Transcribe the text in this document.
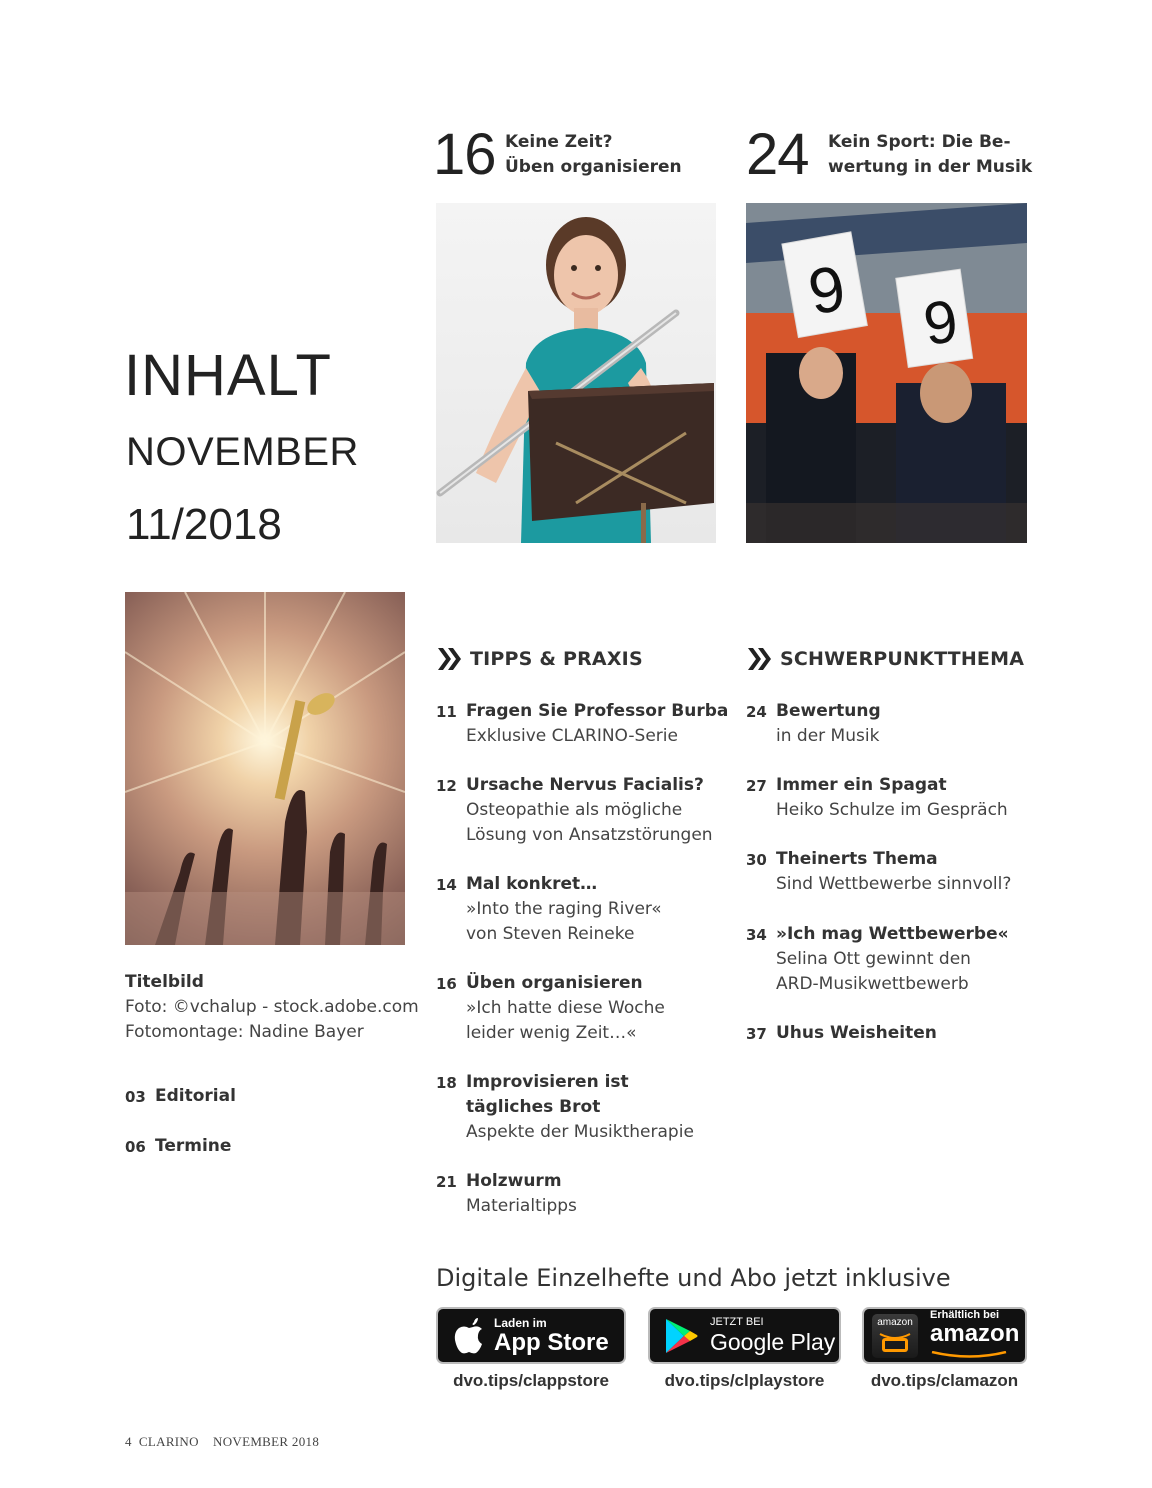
16 Keine Zeit?
Üben organisieren 24 Kein Sport: Die Be-
wertung in der Musik
9 9
INHALT
NOVEMBER
11/2018
Titelbild
Foto: ©vchalup - stock.adobe.com
Fotomontage: Nadine Bayer
03 Editorial
06 Termine
TIPPS & PRAXIS
11 Fragen Sie Professor Burba
Exklusive CLARINO-Serie
12 Ursache Nervus Facialis?
Osteopathie als mögliche
Lösung von Ansatzstörungen
14 Mal konkret…
»Into the raging River«
von Steven Reineke
16 Üben organisieren
»Ich hatte diese Woche
leider wenig Zeit…«
18 Improvisieren ist
tägliches Brot
Aspekte der Musiktherapie
21 Holzwurm
Materialtipps
SCHWERPUNKTTHEMA
24 Bewertung
in der Musik
27 Immer ein Spagat
Heiko Schulze im Gespräch
30 Theinerts Thema
Sind Wettbewerbe sinnvoll?
34 »Ich mag Wettbewerbe«
Selina Ott gewinnt den
ARD-Musikwettbewerb
37 Uhus Weisheiten
Digitale Einzelhefte und Abo jetzt inklusive
Laden im
App Store
dvo.tips/clappstore
JETZT BEI
Google Play
dvo.tips/clplaystore
amazon
Erhältlich bei
amazon
dvo.tips/clamazon
4 CLARINO NOVEMBER 2018
